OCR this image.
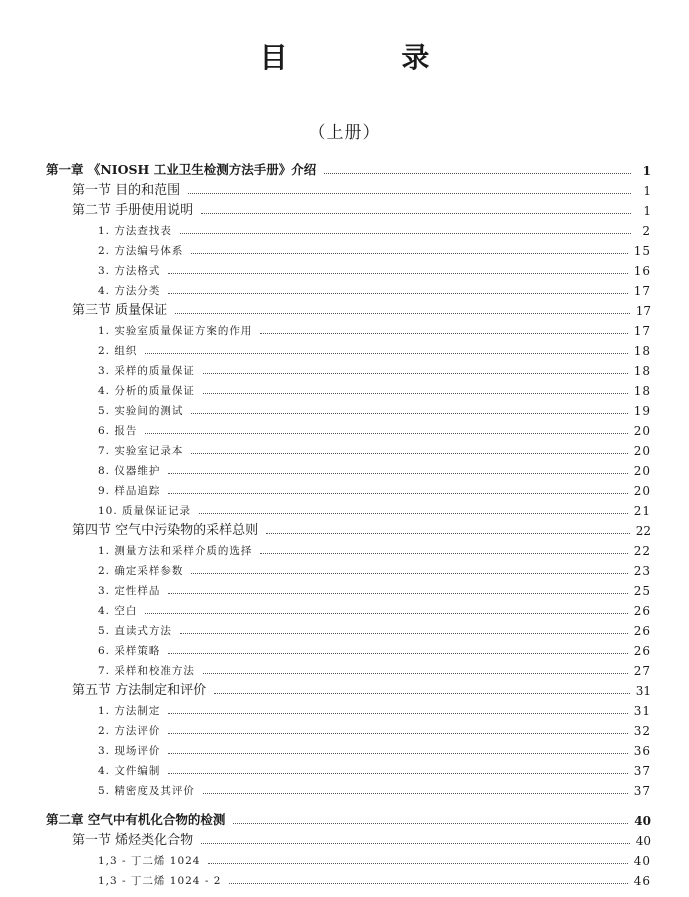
目 录
（上册）
第一章 《NIOSH 工业卫生检测方法手册》介绍	1
第一节 目的和范围	1
第二节 手册使用说明	1
1. 方法查找表	2
2. 方法编号体系	15
3. 方法格式	16
4. 方法分类	17
第三节 质量保证	17
1. 实验室质量保证方案的作用	17
2. 组织	18
3. 采样的质量保证	18
4. 分析的质量保证	18
5. 实验间的测试	19
6. 报告	20
7. 实验室记录本	20
8. 仪器维护	20
9. 样品追踪	20
10. 质量保证记录	21
第四节 空气中污染物的采样总则	22
1. 测量方法和采样介质的选择	22
2. 确定采样参数	23
3. 定性样品	25
4. 空白	26
5. 直读式方法	26
6. 采样策略	26
7. 采样和校准方法	27
第五节 方法制定和评价	31
1. 方法制定	31
2. 方法评价	32
3. 现场评价	36
4. 文件编制	37
5. 精密度及其评价	37
第二章 空气中有机化合物的检测	40
第一节 烯烃类化合物	40
1,3 - 丁二烯 1024	40
1,3 - 丁二烯 1024 - 2	46
